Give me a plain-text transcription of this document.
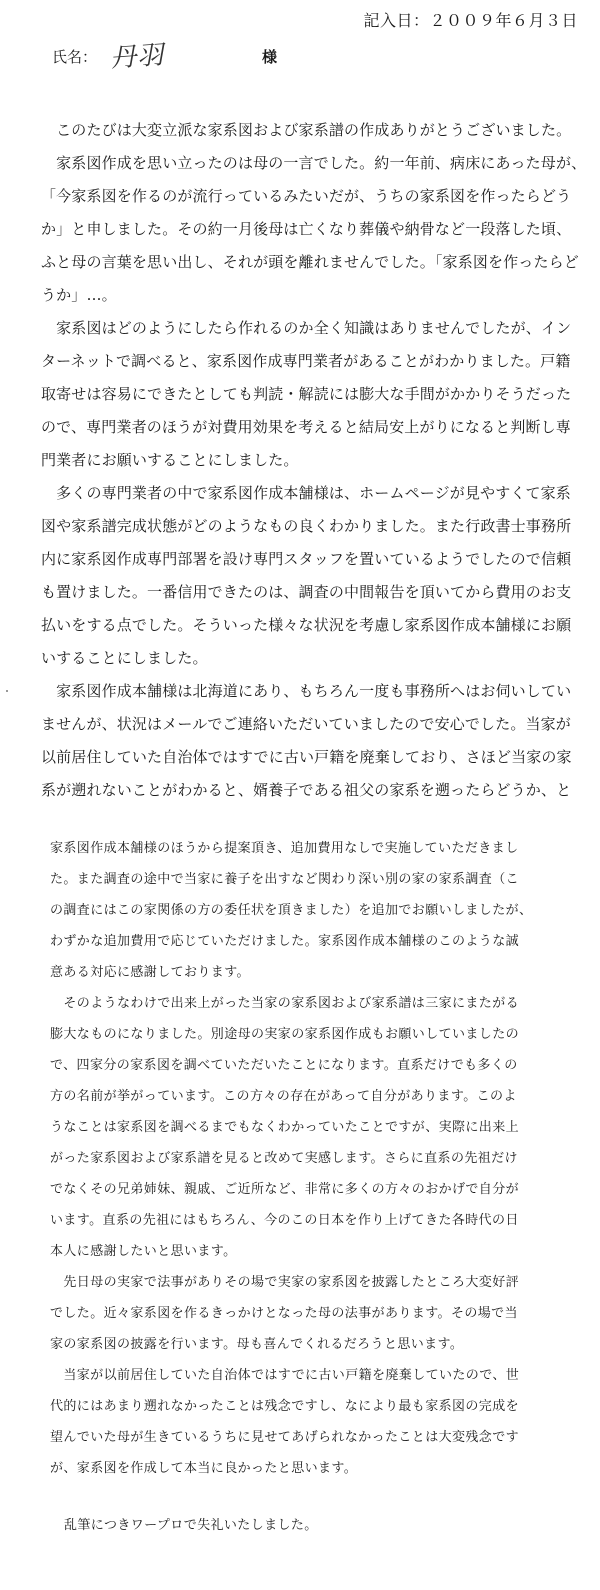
記入日：２００９年６月３日
氏名： 丹羽	様
　このたびは大変立派な家系図および家系譜の作成ありがとうございました。
　家系図作成を思い立ったのは母の一言でした。約一年前、病床にあった母が、
「今家系図を作るのが流行っているみたいだが、うちの家系図を作ったらどう
か」と申しました。その約一月後母は亡くなり葬儀や納骨など一段落した頃、
ふと母の言葉を思い出し、それが頭を離れませんでした。「家系図を作ったらど
うか」…。
　家系図はどのようにしたら作れるのか全く知識はありませんでしたが、イン
ターネットで調べると、家系図作成専門業者があることがわかりました。戸籍
取寄せは容易にできたとしても判読・解読には膨大な手間がかかりそうだった
ので、専門業者のほうが対費用効果を考えると結局安上がりになると判断し専
門業者にお願いすることにしました。
　多くの専門業者の中で家系図作成本舗様は、ホームページが見やすくて家系
図や家系譜完成状態がどのようなもの良くわかりました。また行政書士事務所
内に家系図作成専門部署を設け専門スタッフを置いているようでしたので信頼
も置けました。一番信用できたのは、調査の中間報告を頂いてから費用のお支
払いをする点でした。そういった様々な状況を考慮し家系図作成本舗様にお願
いすることにしました。
　家系図作成本舗様は北海道にあり、もちろん一度も事務所へはお伺いしてい
ませんが、状況はメールでご連絡いただいていましたので安心でした。当家が
以前居住していた自治体ではすでに古い戸籍を廃棄しており、さほど当家の家
系が遡れないことがわかると、婿養子である祖父の家系を遡ったらどうか、と
家系図作成本舗様のほうから提案頂き、追加費用なしで実施していただきまし
た。また調査の途中で当家に養子を出すなど関わり深い別の家の家系調査（こ
の調査にはこの家関係の方の委任状を頂きました）を追加でお願いしましたが、
わずかな追加費用で応じていただけました。家系図作成本舗様のこのような誠
意ある対応に感謝しております。
　そのようなわけで出来上がった当家の家系図および家系譜は三家にまたがる
膨大なものになりました。別途母の実家の家系図作成もお願いしていましたの
で、四家分の家系図を調べていただいたことになります。直系だけでも多くの
方の名前が挙がっています。この方々の存在があって自分があります。このよ
うなことは家系図を調べるまでもなくわかっていたことですが、実際に出来上
がった家系図および家系譜を見ると改めて実感します。さらに直系の先祖だけ
でなくその兄弟姉妹、親戚、ご近所など、非常に多くの方々のおかげで自分が
います。直系の先祖にはもちろん、今のこの日本を作り上げてきた各時代の日
本人に感謝したいと思います。
　先日母の実家で法事がありその場で実家の家系図を披露したところ大変好評
でした。近々家系図を作るきっかけとなった母の法事があります。その場で当
家の家系図の披露を行います。母も喜んでくれるだろうと思います。
　当家が以前居住していた自治体ではすでに古い戸籍を廃棄していたので、世
代的にはあまり遡れなかったことは残念ですし、なにより最も家系図の完成を
望んでいた母が生きているうちに見せてあげられなかったことは大変残念です
が、家系図を作成して本当に良かったと思います。
乱筆につきワープロで失礼いたしました。
